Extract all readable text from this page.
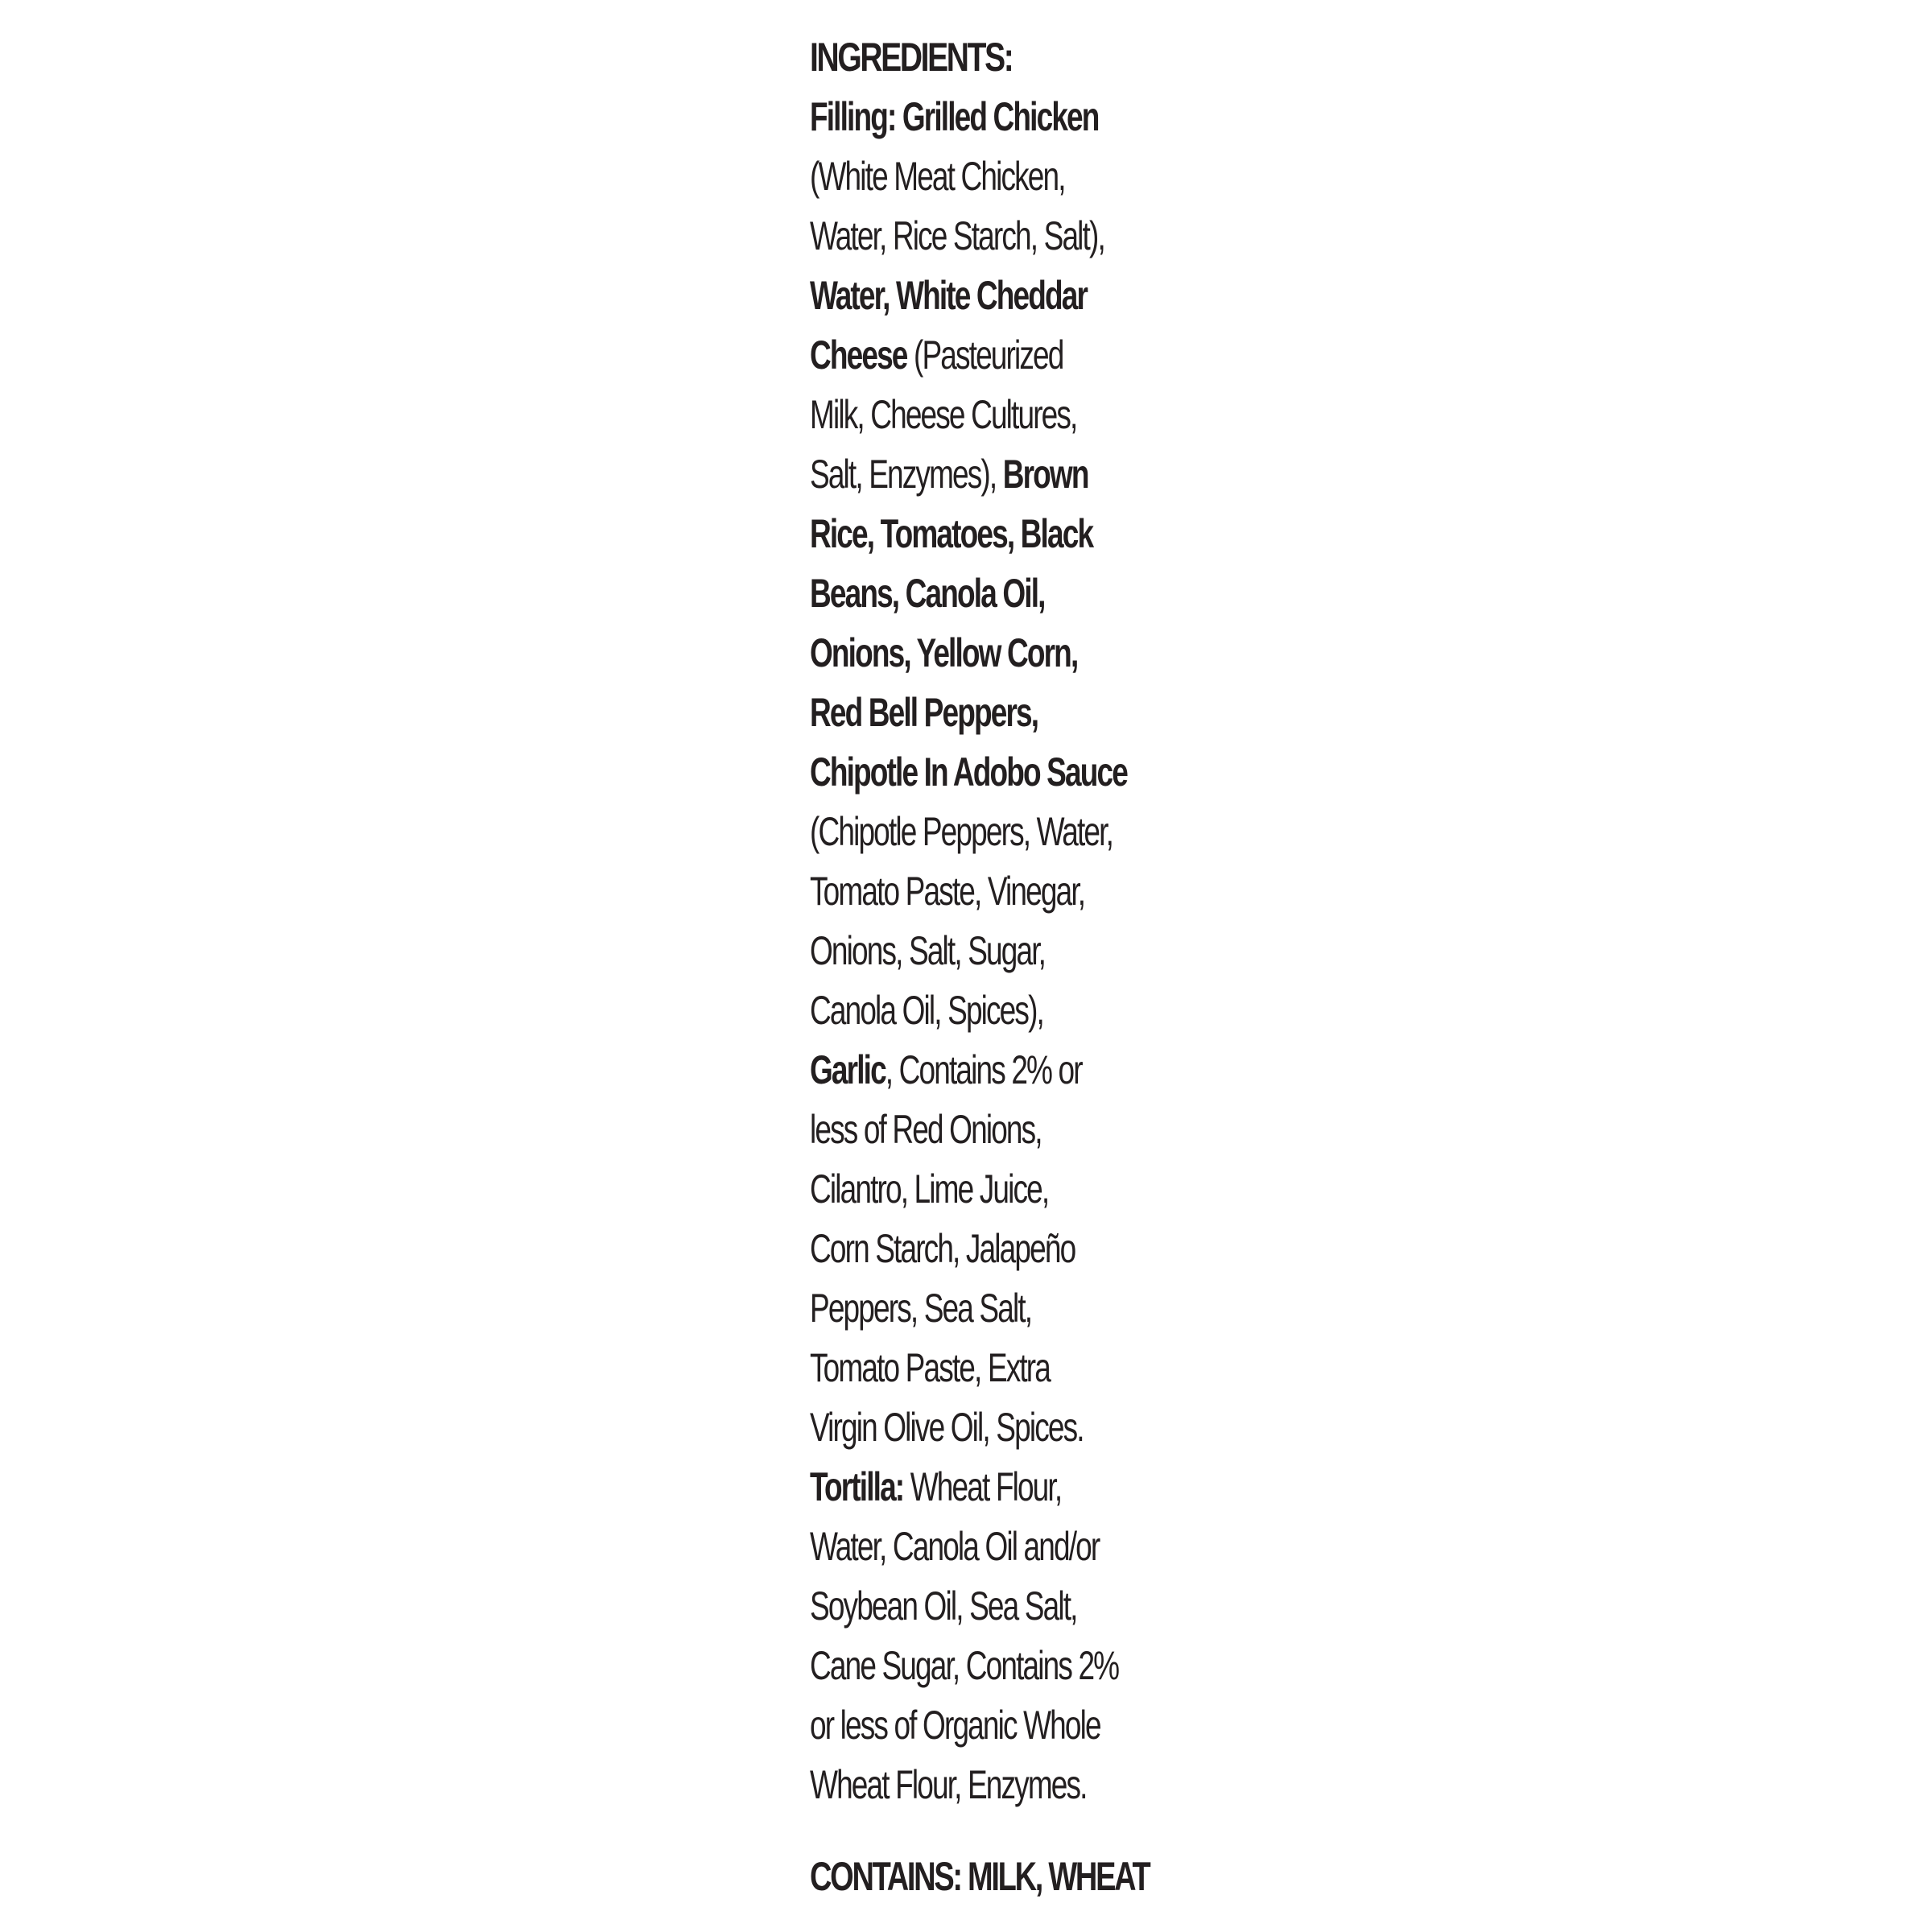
INGREDIENTS:
Filling: Grilled Chicken
(White Meat Chicken,
Water, Rice Starch, Salt),
Water, White Cheddar
Cheese (Pasteurized
Milk, Cheese Cultures,
Salt, Enzymes), Brown
Rice, Tomatoes, Black
Beans, Canola Oil,
Onions, Yellow Corn,
Red Bell Peppers,
Chipotle In Adobo Sauce
(Chipotle Peppers, Water,
Tomato Paste, Vinegar,
Onions, Salt, Sugar,
Canola Oil, Spices),
Garlic, Contains 2% or
less of Red Onions,
Cilantro, Lime Juice,
Corn Starch, Jalapeño
Peppers, Sea Salt,
Tomato Paste, Extra
Virgin Olive Oil, Spices.
Tortilla: Wheat Flour,
Water, Canola Oil and/or
Soybean Oil, Sea Salt,
Cane Sugar, Contains 2%
or less of Organic Whole
Wheat Flour, Enzymes.
CONTAINS: MILK, WHEAT
